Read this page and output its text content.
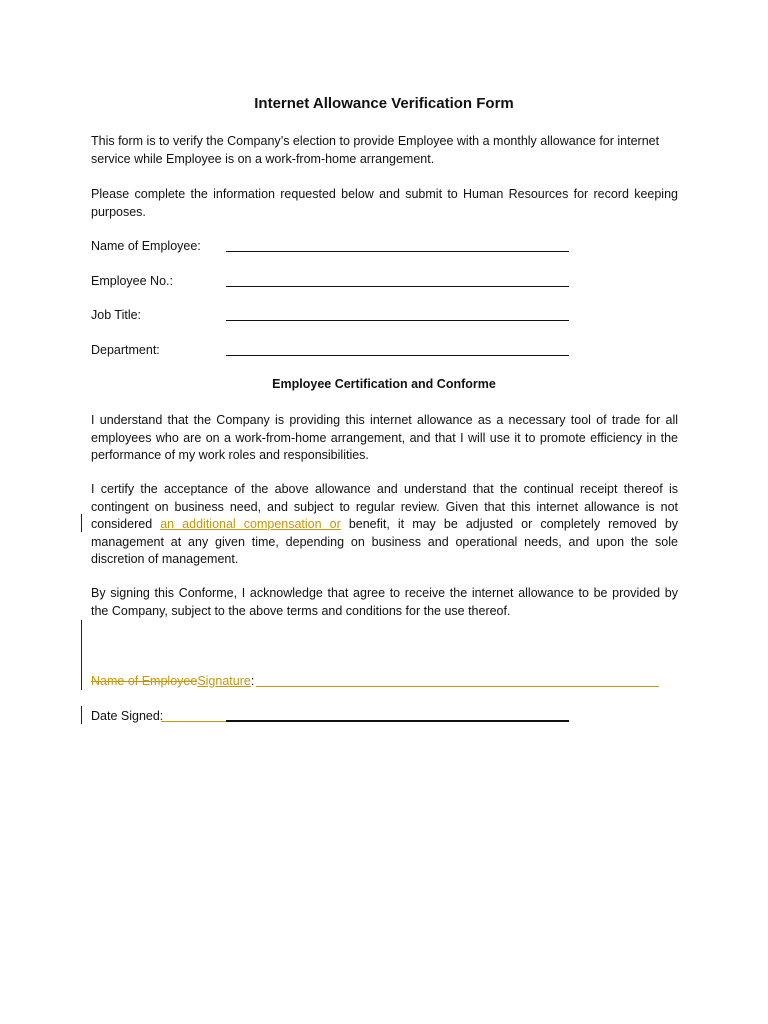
Internet Allowance Verification Form
This form is to verify the Company’s election to provide Employee with a monthly allowance for internet service while Employee is on a work-from-home arrangement.
Please complete the information requested below and submit to Human Resources for record keeping purposes.
Name of Employee:
Employee No.:
Job Title:
Department:
Employee Certification and Conforme
I understand that the Company is providing this internet allowance as a necessary tool of trade for all employees who are on a work-from-home arrangement, and that I will use it to promote efficiency in the performance of my work roles and responsibilities.
I certify the acceptance of the above allowance and understand that the continual receipt thereof is contingent on business need, and subject to regular review. Given that this internet allowance is not considered an additional compensation or benefit, it may be adjusted or completely removed by management at any given time, depending on business and operational needs, and upon the sole discretion of management.
By signing this Conforme, I acknowledge that agree to receive the internet allowance to be provided by the Company, subject to the above terms and conditions for the use thereof.
Name of EmployeeSignature:
Date Signed:
